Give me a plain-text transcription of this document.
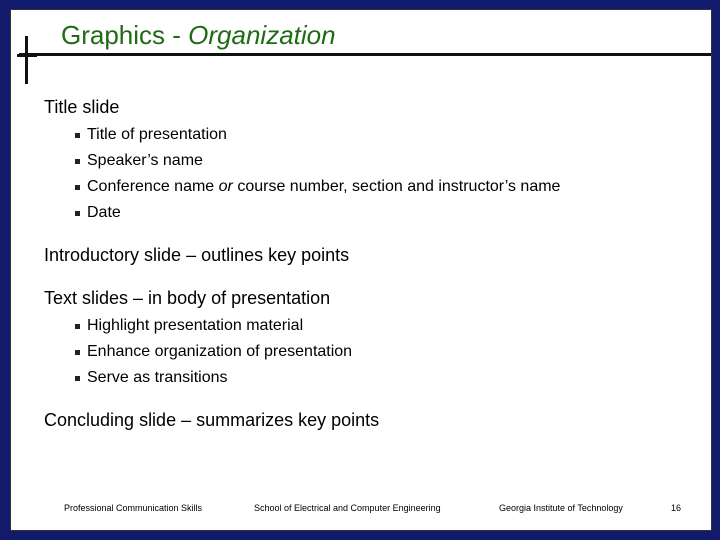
Graphics - Organization

Title slide

Title of presentation

Speaker’s name

Conference name or course number, section and instructor’s name

Date

Introductory slide – outlines key points

Text slides – in body of presentation

Highlight presentation material

Enhance organization of presentation

Serve as transitions

Concluding slide – summarizes key points

Professional Communication Skills	School of Electrical and Computer Engineering	Georgia Institute of Technology	16
